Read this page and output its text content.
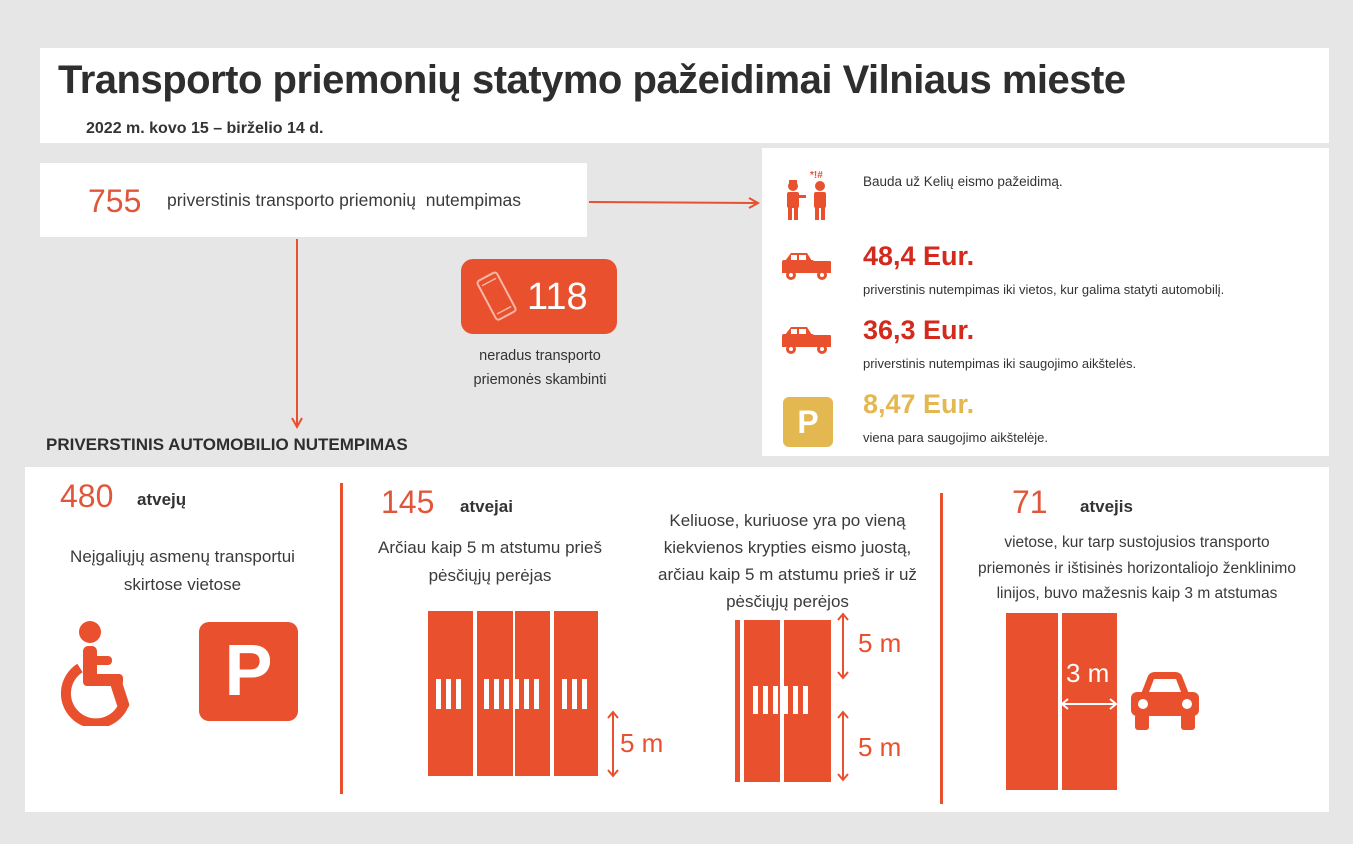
Transporto priemonių statymo pažeidimai Vilniaus mieste
2022 m. kovo 15 – birželio 14 d.
755 priverstinis transporto priemonių  nutempimas
118
neradus transporto
priemonės skambinti
*!#	Bauda už Kelių eismo pažeidimą.
48,4 Eur.
priverstinis nutempimas iki vietos, kur galima statyti automobilį.
36,3 Eur.
priverstinis nutempimas iki saugojimo aikštelės.
P	8,47 Eur.
viena para saugojimo aikštelėje.
PRIVERSTINIS AUTOMOBILIO NUTEMPIMAS
480 atvejų
Neįgaliųjų asmenų transportui
skirtose vietose
P
145 atvejai
Arčiau kaip 5 m atstumu prieš
pėsčiųjų perėjas
5 m
Keliuose, kuriuose yra po vieną
kiekvienos krypties eismo juostą,
arčiau kaip 5 m atstumu prieš ir už
pėsčiųjų perėjos
5 m
5 m
71 atvejis
vietose, kur tarp sustojusios transporto
priemonės ir ištisinės horizontaliojo ženklinimo
linijos, buvo mažesnis kaip 3 m atstumas
3 m
